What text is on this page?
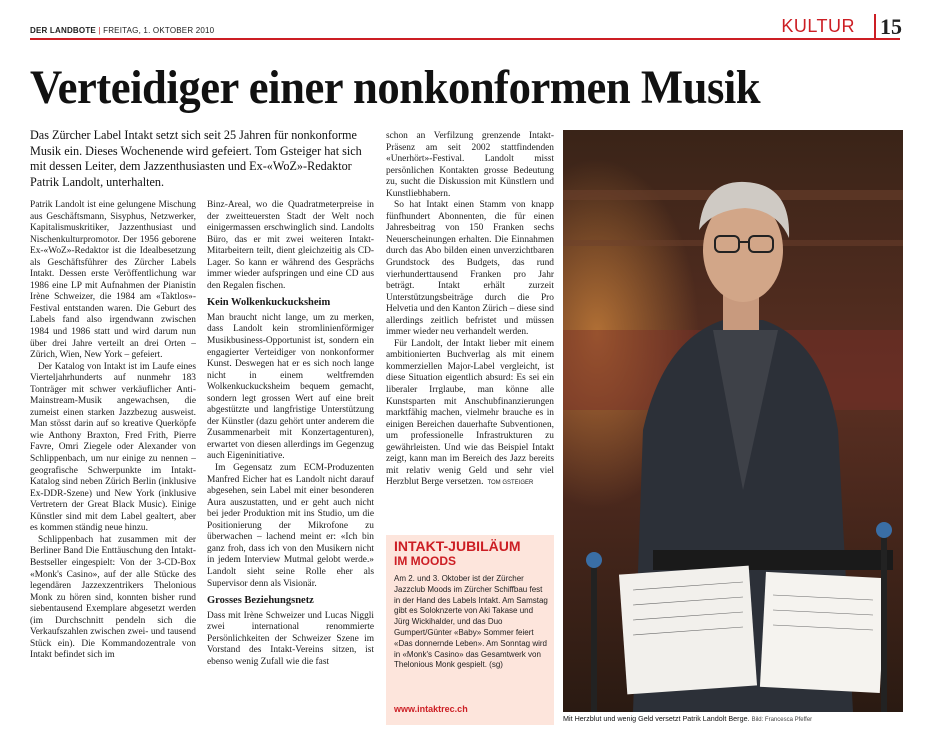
DER LANDBOTE | FREITAG, 1. OKTOBER 2010	KULTUR 15
Verteidiger einer nonkonformen Musik
Das Zürcher Label Intakt setzt sich seit 25 Jahren für nonkonforme Musik ein. Dieses Wochenende wird gefeiert. Tom Gsteiger hat sich mit dessen Leiter, dem Jazzenthusiasten und Ex-«WoZ»-Redaktor Patrik Landolt, unterhalten.

Patrik Landolt ist eine gelungene Mischung aus Geschäftsmann, Sisyphus, Netzwerker, Kapitalismuskritiker, Jazzenthusiast und Nischenkulturpromotor. Der 1956 geborene Ex-«WoZ»-Redaktor ist die Idealbesetzung als Geschäftsführer des Zürcher Labels Intakt. Dessen erste Veröffentlichung war 1986 eine LP mit Aufnahmen der Pianistin Irène Schweizer, die 1984 am «Taktlos»-Festival entstanden waren. Die Geburt des Labels fand also irgendwann zwischen 1984 und 1986 statt und wird darum nun über drei Jahre verteilt an drei Orten – Zürich, Wien, New York – gefeiert.

Der Katalog von Intakt ist im Laufe eines Vierteljahrhunderts auf nunmehr 183 Tonträger mit schwer verkäuflicher Anti-Mainstream-Musik angewachsen, die zumeist einen starken Jazzbezug ausweist. Man stösst darin auf so kreative Querköpfe wie Anthony Braxton, Fred Frith, Pierre Favre, Omri Ziegele oder Alexander von Schlippenbach, um nur einige zu nennen – geografische Schwerpunkte im Intakt-Katalog sind neben Zürich Berlin (inklusive Ex-DDR-Szene) und New York (inklusive Vertretern der Great Black Music). Einige Künstler sind mit dem Label gealtert, aber es kommen ständig neue hinzu.

Schlippenbach hat zusammen mit der Berliner Band Die Enttäuschung den Intakt-Bestseller eingespielt: Von der 3-CD-Box «Monk's Casino», auf der alle Stücke des legendären Jazzexzentrikers Thelonious Monk zu hören sind, konnten bisher rund siebentausend Exemplare abgesetzt werden (im Durchschnitt pendeln sich die Verkaufszahlen zwischen zwei- und tausend Stück ein). Die Kommandozentrale von Intakt befindet sich im

Binz-Areal, wo die Quadratmeterpreise in der zweitteuersten Stadt der Welt noch einigermassen erschwinglich sind. Landolts Büro, das er mit zwei weiteren Intakt-Mitarbeitern teilt, dient gleichzeitig als CD-Lager. So kann er während des Gesprächs immer wieder aufspringen und eine CD aus den Regalen fischen.

Kein Wolkenkuckucksheim

Man braucht nicht lange, um zu merken, dass Landolt kein stromlinienförmiger Musikbusiness-Opportunist ist, sondern ein engagierter Verteidiger von nonkonformer Kunst. Deswegen hat er es sich noch lange nicht in einem weltfremden Wolkenkuckucksheim bequem gemacht, sondern legt grossen Wert auf eine breit abgestützte und langfristige Unterstützung der Künstler (dazu gehört unter anderem die Zusammenarbeit mit Konzertagenturen), erwartet von diesen allerdings im Gegenzug auch Eigeninitiative.

Im Gegensatz zum ECM-Produzenten Manfred Eicher hat es Landolt nicht darauf abgesehen, sein Label mit einer besonderen Aura auszustatten, und er geht auch nicht bei jeder Produktion mit ins Studio, um die Positionierung der Mikrofone zu überwachen – lachend meint er: «Ich bin ganz froh, dass ich von den Musikern nicht in jedem Interview Mutmal gelobt werde.» Landolt sieht seine Rolle eher als Supervisor denn als Visionär.

Grosses Beziehungsnetz

Dass mit Irène Schweizer und Lucas Niggli zwei international renommierte Persönlichkeiten der Schweizer Szene im Vorstand des Intakt-Vereins sitzen, ist ebenso wenig Zufall wie die fast

schon an Verfilzung grenzende Intakt-Präsenz am seit 2002 stattfindenden «Unerhört»-Festival. Landolt misst persönlichen Kontakten grosse Bedeutung zu, sucht die Diskussion mit Künstlern und Kunstliebhabern.

So hat Intakt einen Stamm von knapp fünfhundert Abonnenten, die für einen Jahresbeitrag von 150 Franken sechs Neuerscheinungen erhalten. Die Einnahmen durch das Abo bilden einen unverzichtbaren Grundstock des Budgets, das rund vierhunderttausend Franken pro Jahr beträgt. Intakt erhält zurzeit Unterstützungsbeiträge durch die Pro Helvetia und den Kanton Zürich – diese sind allerdings zeitlich befristet und müssen immer wieder neu verhandelt werden.

Für Landolt, der Intakt lieber mit einem ambitionierten Buchverlag als mit einem kommerziellen Major-Label vergleicht, ist diese Situation eigentlich absurd: Es sei ein liberaler Irrglaube, man könne alle Kunstsparten mit Anschubfinanzierungen marktfähig machen, vielmehr brauche es in einigen Bereichen dauerhafte Subventionen, um professionelle Infrastrukturen zu gewährleisten. Und wie das Beispiel Intakt zeigt, kann man im Bereich des Jazz bereits mit relativ wenig Geld und sehr viel Herzblut Berge versetzen. TOM GSTEIGER

INTAKT-JUBILÄUM
IM MOODS
Am 2. und 3. Oktober ist der Zürcher Jazzclub Moods im Zürcher Schiffbau fest in der Hand des Labels Intakt. Am Samstag gibt es Soloknzerte von Aki Takase und Jürg Wickihalder, und das Duo Gumpert/Günter «Baby» Sommer feiert «Das donnernde Leben». Am Sonntag wird in «Monk's Casino» das Gesamtwerk von Thelonious Monk gespielt. (sg)
www.intaktrec.ch
Mit Herzblut und wenig Geld versetzt Patrik Landolt Berge. Bild: Francesca Pfeffer
